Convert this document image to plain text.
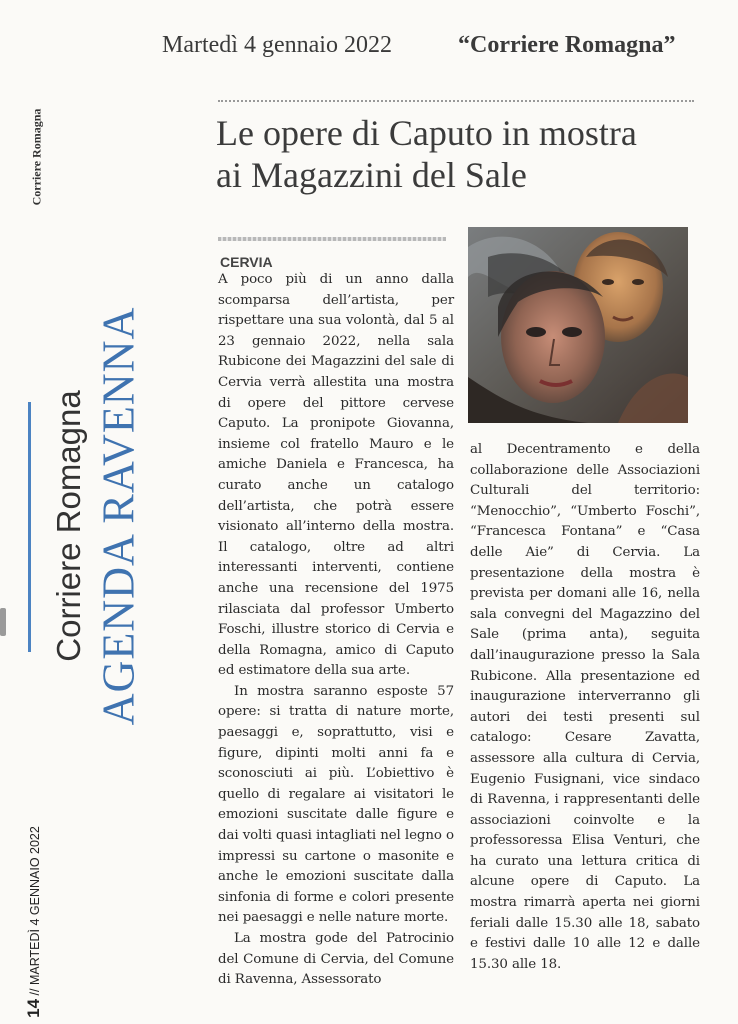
Martedì 4 gennaio 2022	“Corriere Romagna”
Corriere Romagna
Corriere Romagna AGENDA RAVENNA
14 // MARTEDÌ 4 GENNAIO 2022
Le opere di Caputo in mostra
ai Magazzini del Sale
CERVIA

A poco più di un anno dalla scomparsa dell’artista, per rispettare una sua volontà, dal 5 al 23 gennaio 2022, nella sala Rubicone dei Magazzini del sale di Cervia verrà allestita una mostra di opere del pittore cervese Caputo. La pronipote Giovanna, insieme col fratello Mauro e le amiche Daniela e Francesca, ha curato anche un catalogo dell’artista, che potrà essere visionato all’interno della mostra. Il catalogo, oltre ad altri interessanti interventi, contiene anche una recensione del 1975 rilasciata dal professor Umberto Foschi, illustre storico di Cervia e della Romagna, amico di Caputo ed estimatore della sua arte.

In mostra saranno esposte 57 opere: si tratta di nature morte, paesaggi e, soprattutto, visi e figure, dipinti molti anni fa e sconosciuti ai più. L’obiettivo è quello di regalare ai visitatori le emozioni suscitate dalle figure e dai volti quasi intagliati nel legno o impressi su cartone o masonite e anche le emozioni suscitate dalla sinfonia di forme e colori presente nei paesaggi e nelle nature morte.

La mostra gode del Patrocinio del Comune di Cervia, del Comune di Ravenna, Assessorato

al Decentramento e della collaborazione delle Associazioni Culturali del territorio: “Menocchio”, “Umberto Foschi”, “Francesca Fontana” e “Casa delle Aie” di Cervia. La presentazione della mostra è prevista per domani alle 16, nella sala convegni del Magazzino del Sale (prima anta), seguita dall’inaugurazione presso la Sala Rubicone. Alla presentazione ed inaugurazione interverranno gli autori dei testi presenti sul catalogo: Cesare Zavatta, assessore alla cultura di Cervia, Eugenio Fusignani, vice sindaco di Ravenna, i rappresentanti delle associazioni coinvolte e la professoressa Elisa Venturi, che ha curato una lettura critica di alcune opere di Caputo. La mostra rimarrà aperta nei giorni feriali dalle 15.30 alle 18, sabato e festivi dalle 10 alle 12 e dalle 15.30 alle 18.
